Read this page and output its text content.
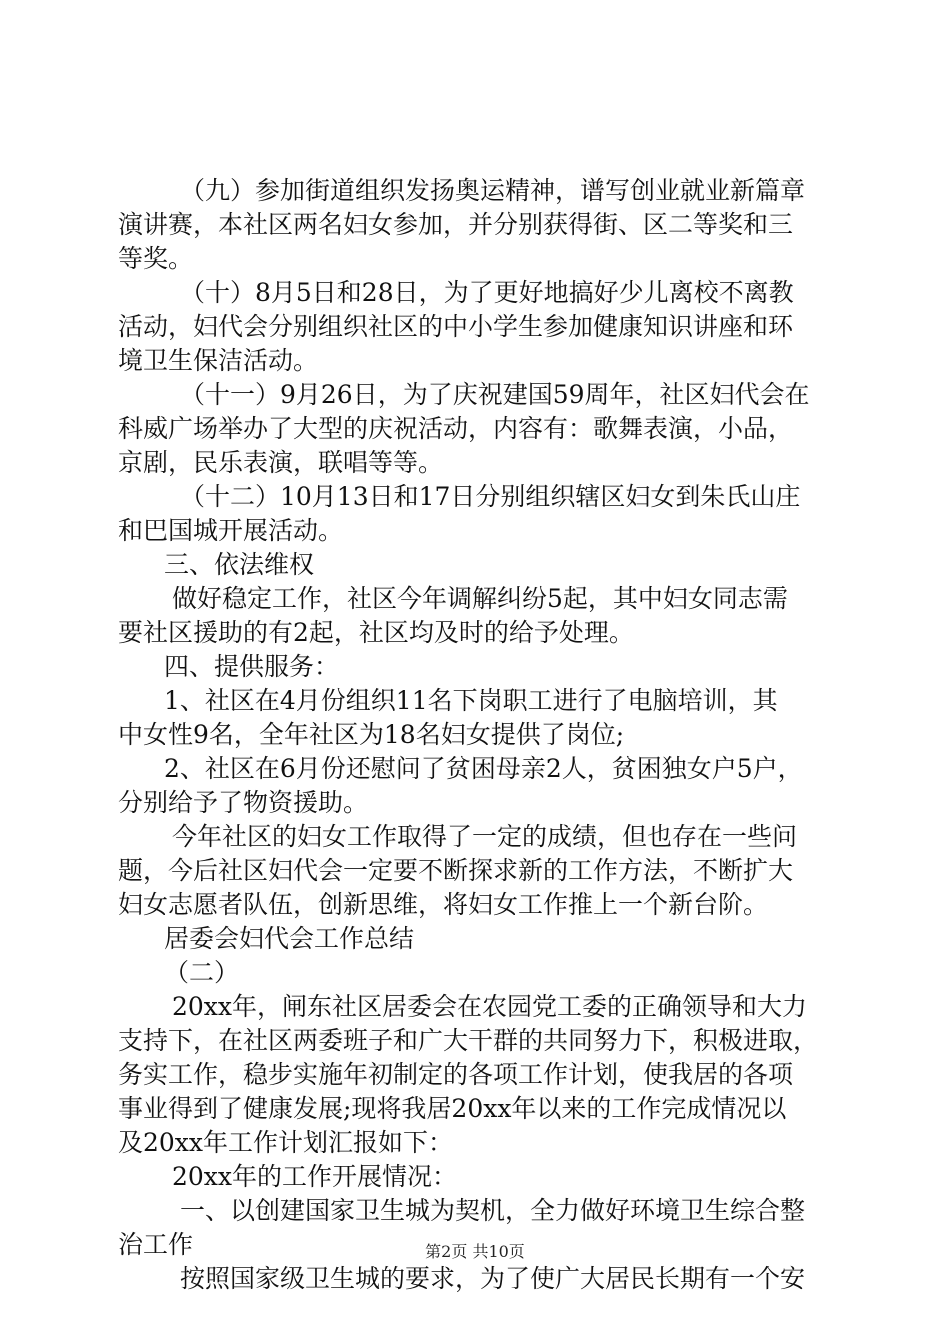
（九）参加街道组织发扬奥运精神，谱写创业就业新篇章
演讲赛，本社区两名妇女参加，并分别获得街、区二等奖和三
等奖。
（十）8月5日和28日，为了更好地搞好少儿离校不离教
活动，妇代会分别组织社区的中小学生参加健康知识讲座和环
境卫生保洁活动。
（十一）9月26日，为了庆祝建国59周年，社区妇代会在
科威广场举办了大型的庆祝活动，内容有：歌舞表演，小品，
京剧，民乐表演，联唱等等。
（十二）10月13日和17日分别组织辖区妇女到朱氏山庄
和巴国城开展活动。
三、依法维权
做好稳定工作，社区今年调解纠纷5起，其中妇女同志需
要社区援助的有2起，社区均及时的给予处理。
四、提供服务：
1、社区在4月份组织11名下岗职工进行了电脑培训，其
中女性9名，全年社区为18名妇女提供了岗位;
2、社区在6月份还慰问了贫困母亲2人，贫困独女户5户，
分别给予了物资援助。
今年社区的妇女工作取得了一定的成绩，但也存在一些问
题，今后社区妇代会一定要不断探求新的工作方法，不断扩大
妇女志愿者队伍，创新思维，将妇女工作推上一个新台阶。
居委会妇代会工作总结
（二）
20xx年，闸东社区居委会在农园党工委的正确领导和大力
支持下，在社区两委班子和广大干群的共同努力下，积极进取，
务实工作，稳步实施年初制定的各项工作计划，使我居的各项
事业得到了健康发展;现将我居20xx年以来的工作完成情况以
及20xx年工作计划汇报如下：
20xx年的工作开展情况：
一、以创建国家卫生城为契机，全力做好环境卫生综合整
治工作
按照国家级卫生城的要求，为了使广大居民长期有一个安
第2页 共10页
